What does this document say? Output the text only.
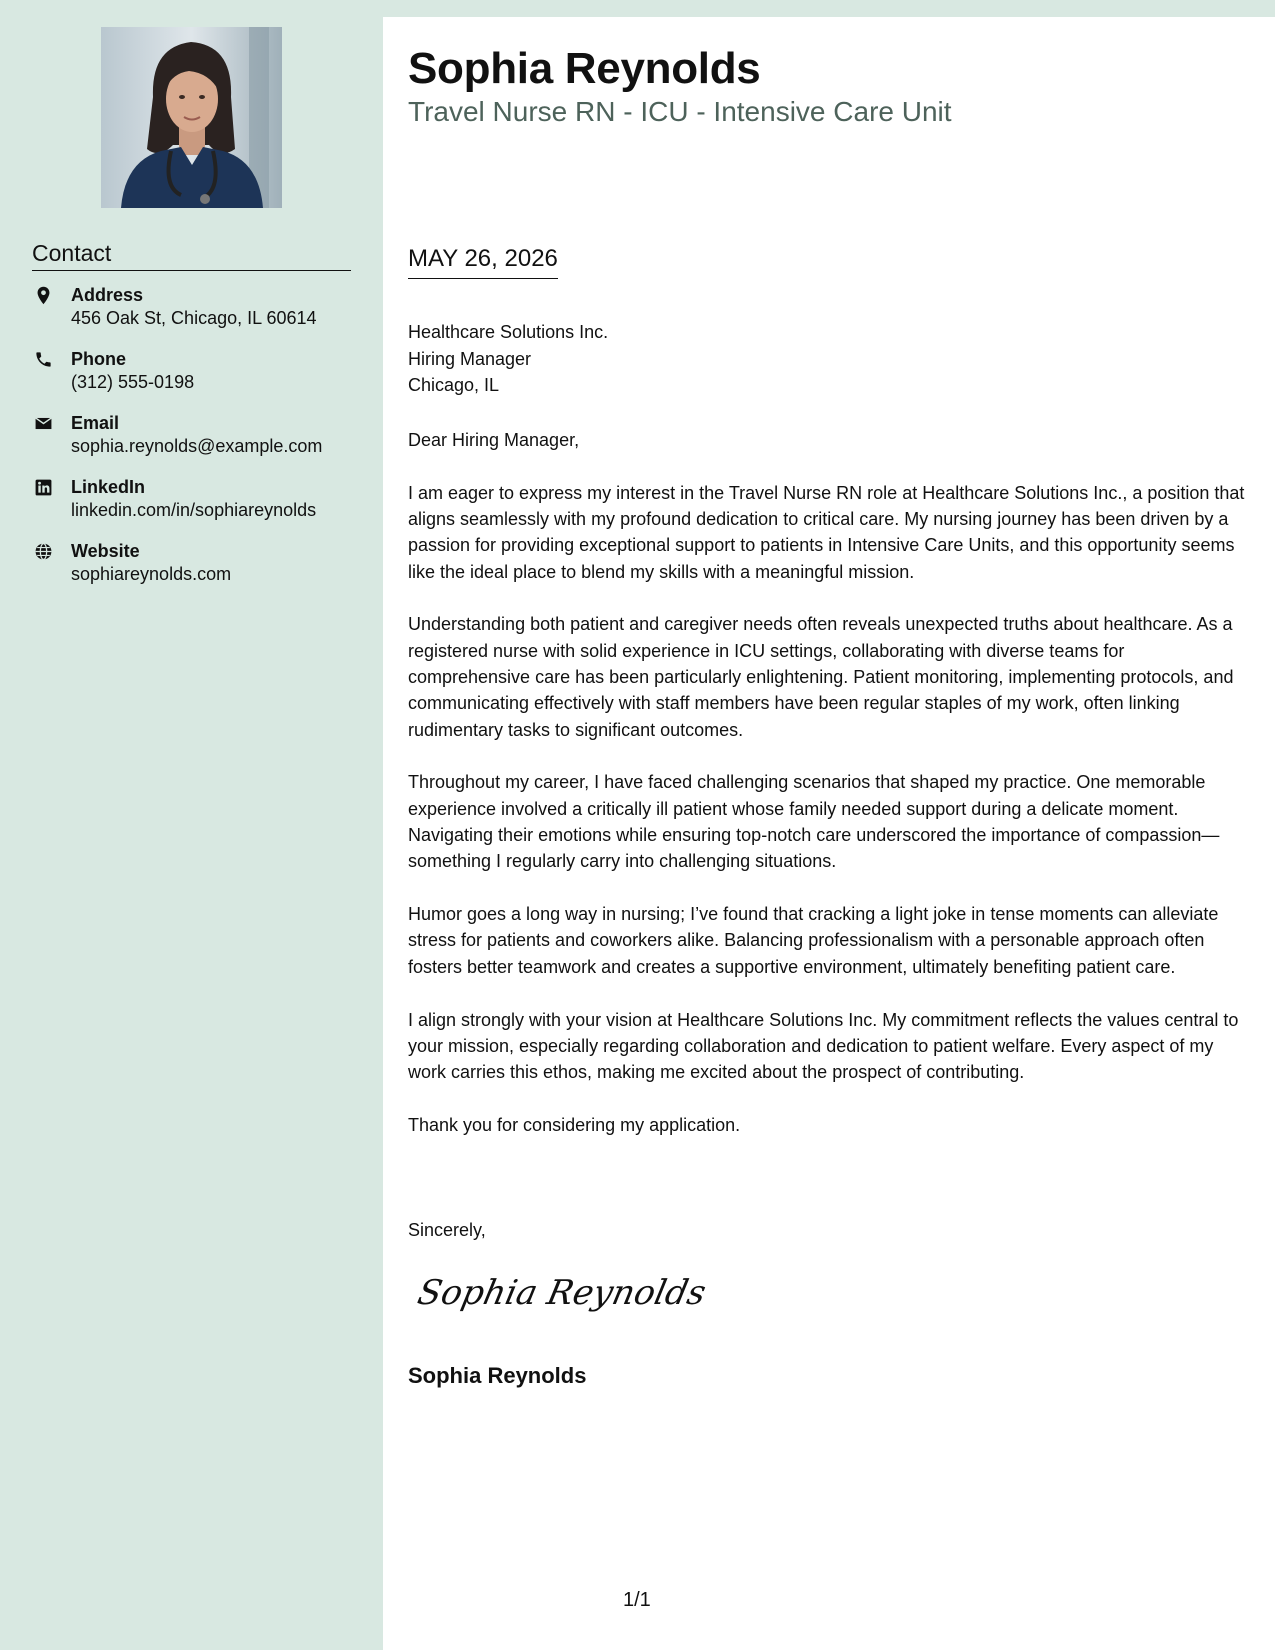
Contact
Address
456 Oak St, Chicago, IL 60614
Phone
(312) 555-0198
Email
sophia.reynolds@example.com
LinkedIn
linkedin.com/in/sophiareynolds
Website
sophiareynolds.com
Sophia Reynolds
Travel Nurse RN - ICU - Intensive Care Unit
MAY 26, 2026
Healthcare Solutions Inc.
Hiring Manager
Chicago, IL

Dear Hiring Manager,

I am eager to express my interest in the Travel Nurse RN role at Healthcare Solutions Inc., a position that aligns seamlessly with my profound dedication to critical care. My nursing journey has been driven by a passion for providing exceptional support to patients in Intensive Care Units, and this opportunity seems like the ideal place to blend my skills with a meaningful mission.

Understanding both patient and caregiver needs often reveals unexpected truths about healthcare. As a registered nurse with solid experience in ICU settings, collaborating with diverse teams for comprehensive care has been particularly enlightening. Patient monitoring, implementing protocols, and communicating effectively with staff members have been regular staples of my work, often linking rudimentary tasks to significant outcomes.

Throughout my career, I have faced challenging scenarios that shaped my practice. One memorable experience involved a critically ill patient whose family needed support during a delicate moment. Navigating their emotions while ensuring top-notch care underscored the importance of compassion—something I regularly carry into challenging situations.

Humor goes a long way in nursing; I’ve found that cracking a light joke in tense moments can alleviate stress for patients and coworkers alike. Balancing professionalism with a personable approach often fosters better teamwork and creates a supportive environment, ultimately benefiting patient care.

I align strongly with your vision at Healthcare Solutions Inc. My commitment reflects the values central to your mission, especially regarding collaboration and dedication to patient welfare. Every aspect of my work carries this ethos, making me excited about the prospect of contributing.

Thank you for considering my application.

Sincerely,
Sophia Reynolds
Sophia Reynolds
1/1
